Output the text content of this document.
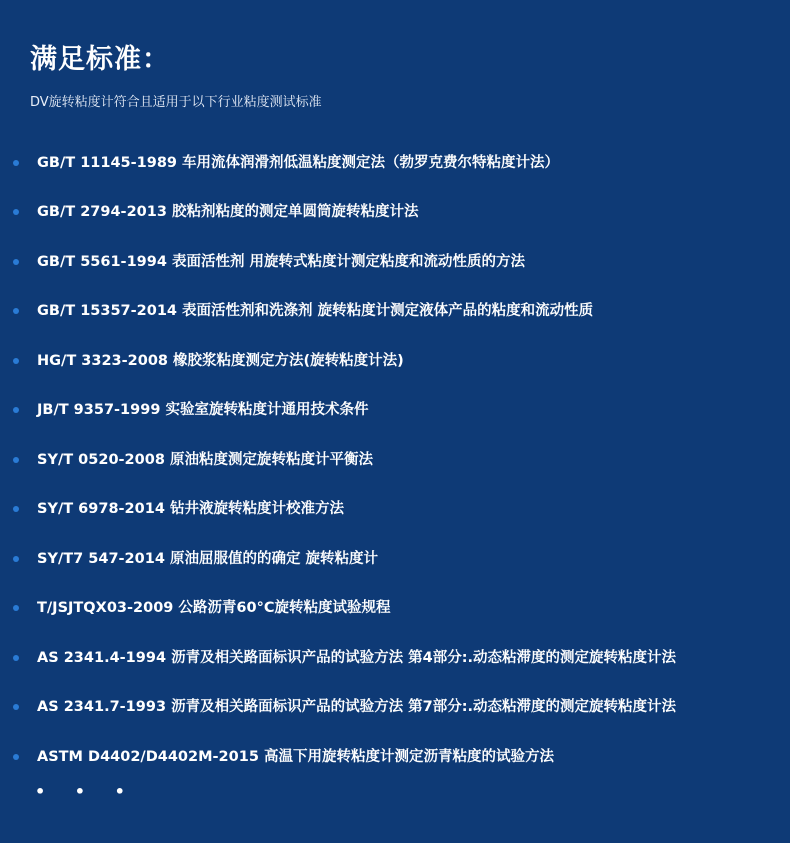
满足标准：
DV旋转粘度计符合且适用于以下行业粘度测试标准
GB/T 11145-1989 车用流体润滑剂低温粘度测定法（勃罗克费尔特粘度计法）
GB/T 2794-2013 胶粘剂粘度的测定单圆筒旋转粘度计法
GB/T 5561-1994 表面活性剂 用旋转式粘度计测定粘度和流动性质的方法
GB/T 15357-2014 表面活性剂和洗涤剂 旋转粘度计测定液体产品的粘度和流动性质
HG/T 3323-2008 橡胶浆粘度测定方法(旋转粘度计法)
JB/T 9357-1999 实验室旋转粘度计通用技术条件
SY/T 0520-2008 原油粘度测定旋转粘度计平衡法
SY/T 6978-2014 钻井液旋转粘度计校准方法
SY/T7 547-2014 原油屈服值的的确定 旋转粘度计
T/JSJTQX03-2009 公路沥青60°C旋转粘度试验规程
AS 2341.4-1994 沥青及相关路面标识产品的试验方法 第4部分:.动态粘滞度的测定旋转粘度计法
AS 2341.7-1993 沥青及相关路面标识产品的试验方法 第7部分:.动态粘滞度的测定旋转粘度计法
ASTM D4402/D4402M-2015 高温下用旋转粘度计测定沥青粘度的试验方法
• • •
